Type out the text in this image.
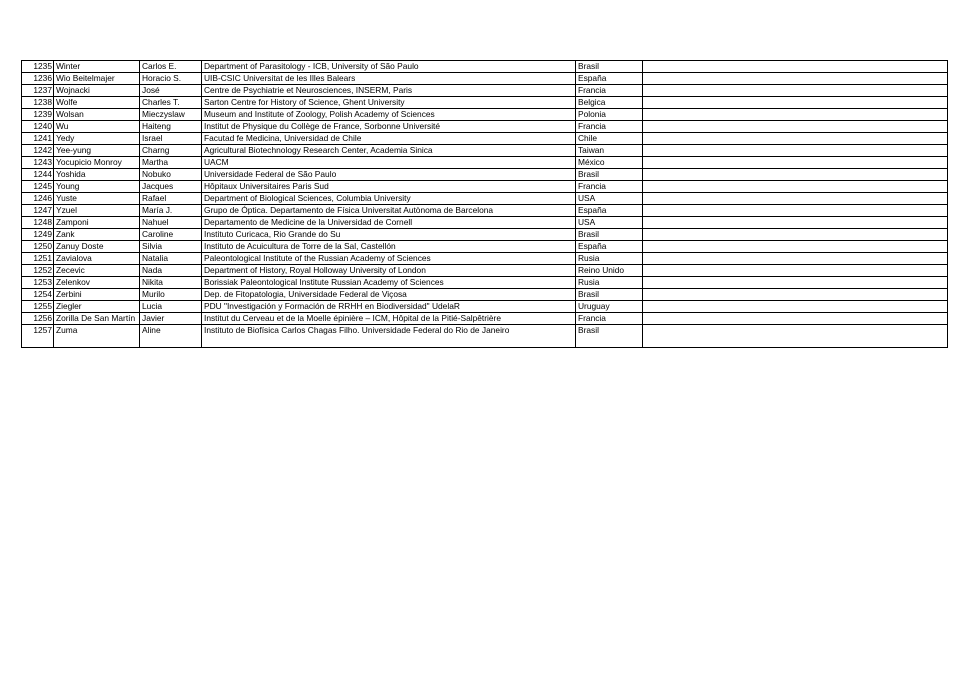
1235	Winter	Carlos E.	Department of Parasitology - ICB, University of São Paulo	Brasil	
1236	Wio Beitelmajer	Horacio S.	UIB-CSIC Universitat de les Illes Balears	España	
1237	Wojnacki	José	Centre de Psychiatrie et Neurosciences, INSERM, Paris	Francia	
1238	Wolfe	Charles T.	Sarton Centre for History of Science, Ghent University	Belgica	
1239	Wolsan	Mieczyslaw	Museum and Institute of Zoology, Polish Academy of Sciences	Polonia	
1240	Wu	Haiteng	Institut de Physique du Collège de France, Sorbonne Université	Francia	
1241	Yedy	Israel	Facutad fe Medicina, Universidad de Chile	Chile	
1242	Yee-yung	Charng	Agricultural Biotechnology Research Center, Academia Sinica	Taiwan	
1243	Yocupicio Monroy	Martha	UACM	México	
1244	Yoshida	Nobuko	Universidade Federal de São Paulo	Brasil	
1245	Young	Jacques	Hôpitaux Universitaires Paris Sud	Francia	
1246	Yuste	Rafael	Department of Biological Sciences, Columbia University	USA	
1247	Yzuel	María J.	Grupo de Óptica. Departamento de Física Universitat Autònoma de Barcelona	España	
1248	Zamponi	Nahuel	Departamento de Medicine de la Universidad de Cornell	USA	
1249	Zank	Caroline	Instituto Curicaca, Rio Grande do Su	Brasil	
1250	Zanuy Doste	Silvia	Instituto de Acuicultura de Torre de la Sal, Castellón	España	
1251	Zavialova	Natalia	Paleontological Institute of the Russian Academy of Sciences	Rusia	
1252	Zecevic	Nada	Department of History, Royal Holloway University of London	Reino Unido	
1253	Zelenkov	Nikita	Borissiak Paleontological Institute Russian Academy of Sciences	Rusia	
1254	Zerbini	Murilo	Dep. de Fitopatologia, Universidade Federal de Viçosa	Brasil	
1255	Ziegler	Lucia	PDU "Investigación y Formación de RRHH en Biodiversidad" UdelaR	Uruguay	
1256	Zorilla De San Martín	Javier	Institut du Cerveau et de la Moelle épinière – ICM, Hôpital de la Pitié-Salpêtrière	Francia	
1257	Zuma	Aline	Instituto de Biofísica Carlos Chagas Filho. Universidade Federal do Rio de Janeiro	Brasil	
